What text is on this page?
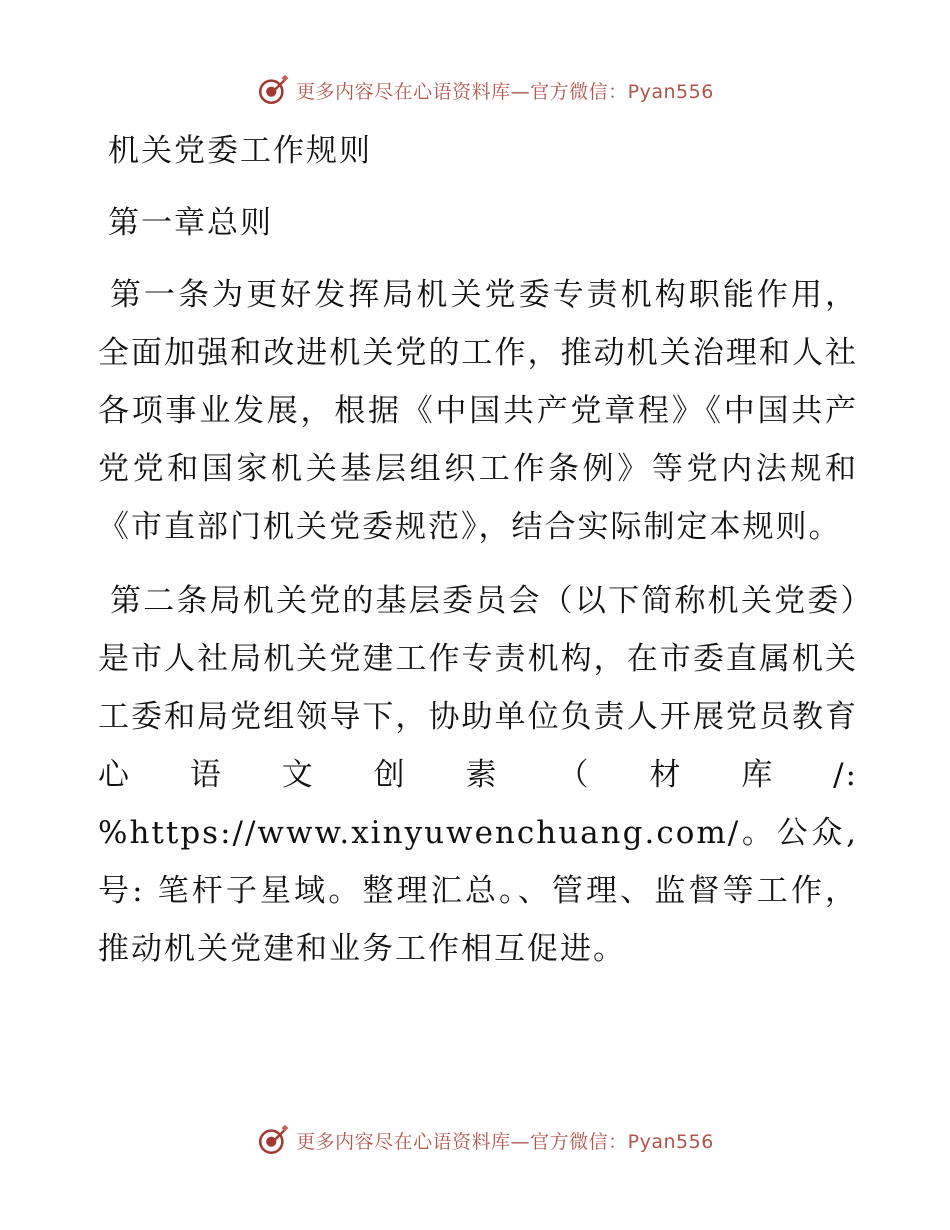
更多内容尽在心语资料库—官方微信：Pyan556
机关党委工作规则
第一章总则

第一条为更好发挥局机关党委专责机构职能作用，全面加强和改进机关党的工作，推动机关治理和人社各项事业发展，根据《中国共产党章程》《中国共产党党和国家机关基层组织工作条例》等党内法规和《市直部门机关党委规范》，结合实际制定本规则。

第二条局机关党的基层委员会（以下简称机关党委）是市人社局机关党建工作专责机构，在市委直属机关工委和局党组领导下，协助单位负责人开展党员教育心语文创素（材库/: %https://www.xinyuwenchuang.com/。公众,号: 笔杆子星域。整理汇总。、管理、监督等工作，推动机关党建和业务工作相互促进。

更多内容尽在心语资料库—官方微信：Pyan556
